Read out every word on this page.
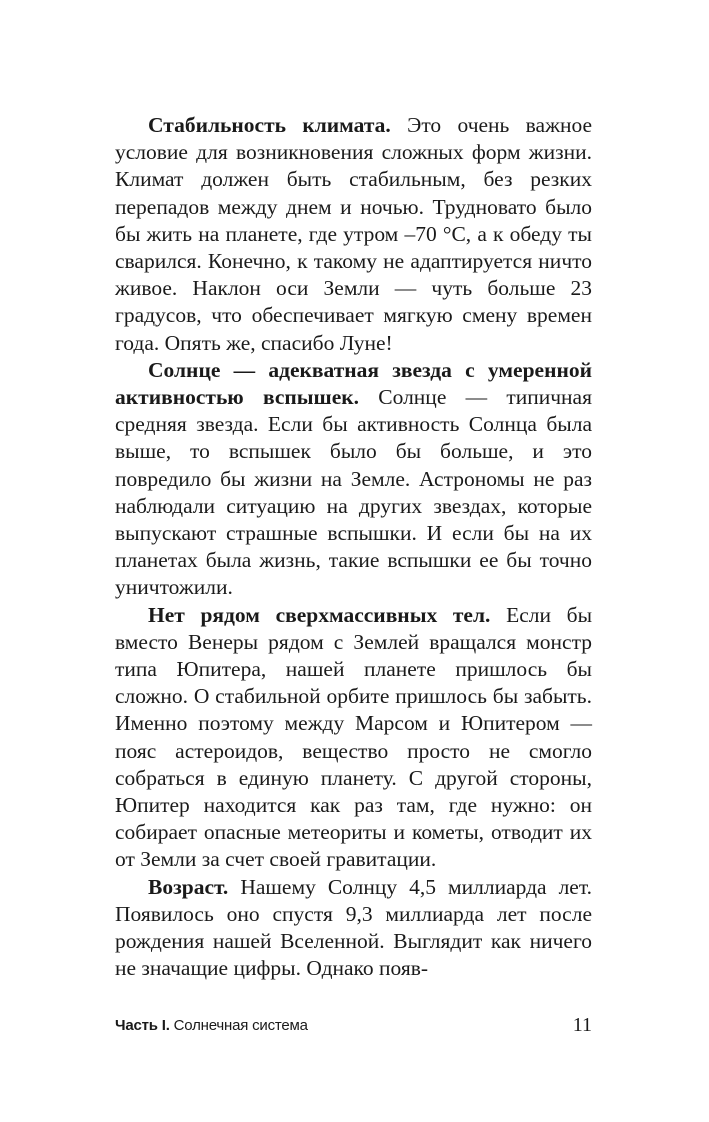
Стабильность климата. Это очень важное условие для возникновения сложных форм жизни. Климат должен быть стабильным, без резких перепадов между днем и ночью. Трудновато было бы жить на планете, где утром –70 °С, а к обеду ты сварился. Конечно, к такому не адаптируется ничто живое. Наклон оси Земли — чуть больше 23 градусов, что обеспечивает мягкую смену времен года. Опять же, спасибо Луне!

Солнце — адекватная звезда с умеренной активностью вспышек. Солнце — типичная средняя звезда. Если бы активность Солнца была выше, то вспышек было бы больше, и это повредило бы жизни на Земле. Астрономы не раз наблюдали ситуацию на других звездах, которые выпускают страшные вспышки. И если бы на их планетах была жизнь, такие вспышки ее бы точно уничтожили.

Нет рядом сверхмассивных тел. Если бы вместо Венеры рядом с Землей вращался монстр типа Юпитера, нашей планете пришлось бы сложно. О стабильной орбите пришлось бы забыть. Именно поэтому между Марсом и Юпитером — пояс астероидов, вещество просто не смогло собраться в единую планету. С другой стороны, Юпитер находится как раз там, где нужно: он собирает опасные метеориты и кометы, отводит их от Земли за счет своей гравитации.

Возраст. Нашему Солнцу 4,5 миллиарда лет. Появилось оно спустя 9,3 миллиарда лет после рождения нашей Вселенной. Выглядит как ничего не значащие цифры. Однако появ-

Часть I. Солнечная система	11
